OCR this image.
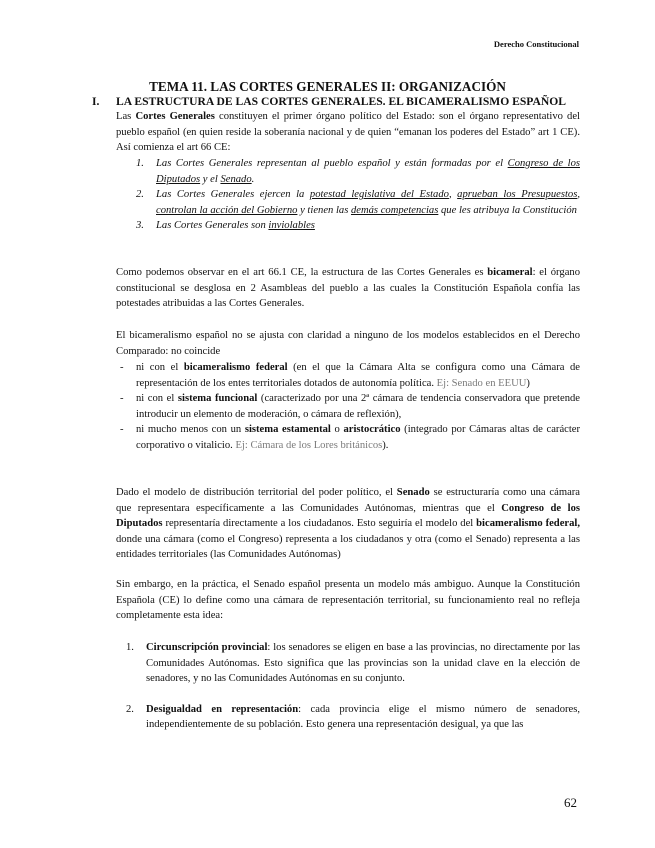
Derecho Constitucional
TEMA 11. LAS CORTES GENERALES II: ORGANIZACIÓN
I. LA ESTRUCTURA DE LAS CORTES GENERALES. EL BICAMERALISMO ESPAÑOL
Las Cortes Generales constituyen el primer órgano político del Estado: son el órgano representativo del pueblo español (en quien reside la soberanía nacional y de quien “emanan los poderes del Estado” art 1 CE). Así comienza el art 66 CE:
1. Las Cortes Generales representan al pueblo español y están formadas por el Congreso de los Diputados y el Senado.
2. Las Cortes Generales ejercen la potestad legislativa del Estado, aprueban los Presupuestos, controlan la acción del Gobierno y tienen las demás competencias que les atribuya la Constitución
3. Las Cortes Generales son inviolables
Como podemos observar en el art 66.1 CE, la estructura de las Cortes Generales es bicameral: el órgano constitucional se desglosa en 2 Asambleas del pueblo a las cuales la Constitución Española confía las potestades atribuidas a las Cortes Generales.
El bicameralismo español no se ajusta con claridad a ninguno de los modelos establecidos en el Derecho Comparado: no coincide
- ni con el bicameralismo federal (en el que la Cámara Alta se configura como una Cámara de representación de los entes territoriales dotados de autonomía política. Ej: Senado en EEUU)
- ni con el sistema funcional (caracterizado por una 2ª cámara de tendencia conservadora que pretende introducir un elemento de moderación, o cámara de reflexión),
- ni mucho menos con un sistema estamental o aristocrático (integrado por Cámaras altas de carácter corporativo o vitalicio. Ej: Cámara de los Lores británicos).
Dado el modelo de distribución territorial del poder político, el Senado se estructuraría como una cámara que representara específicamente a las Comunidades Autónomas, mientras que el Congreso de los Diputados representaría directamente a los ciudadanos. Esto seguiría el modelo del bicameralismo federal, donde una cámara (como el Congreso) representa a los ciudadanos y otra (como el Senado) representa a las entidades territoriales (las Comunidades Autónomas)
Sin embargo, en la práctica, el Senado español presenta un modelo más ambiguo. Aunque la Constitución Española (CE) lo define como una cámara de representación territorial, su funcionamiento real no refleja completamente esta idea:
1. Circunscripción provincial: los senadores se eligen en base a las provincias, no directamente por las Comunidades Autónomas. Esto significa que las provincias son la unidad clave en la elección de senadores, y no las Comunidades Autónomas en su conjunto.
2. Desigualdad en representación: cada provincia elige el mismo número de senadores, independientemente de su población. Esto genera una representación desigual, ya que las
62
